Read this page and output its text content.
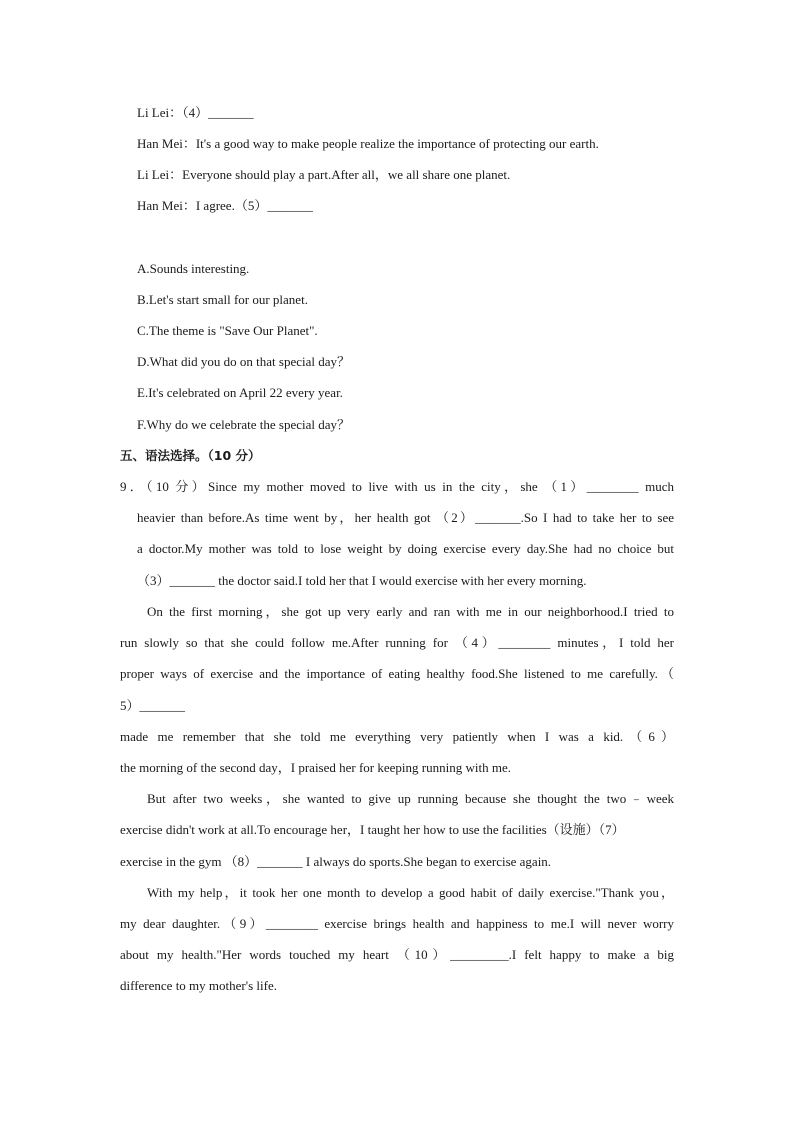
Li Lei：（4）_______
Han Mei：It's a good way to make people realize the importance of protecting our earth.
Li Lei：Everyone should play a part.After all，we all share one planet.
Han Mei：I agree.（5）_______
A.Sounds interesting.
B.Let's start small for our planet.
C.The theme is "Save Our Planet".
D.What did you do on that special day？
E.It's celebrated on April 22 every year.
F.Why do we celebrate the special day？
五、语法选择。（10 分）
9．（10 分）Since my mother moved to live with us in the city，she （1）________ much
heavier than before.As time went by，her health got （2）_______.So I had to take her to see
a doctor.My mother was told to lose weight by doing exercise every day.She had no choice but
（3）_______ the doctor said.I told her that I would exercise with her every morning.
On the first morning，she got up very early and ran with me in our neighborhood.I tried to
run slowly so that she could follow me.After running for （4）________ minutes，I told her
proper ways of exercise and the importance of eating healthy food.She listened to me carefully.（
5）_______
made me remember that she told me everything very patiently when I was a kid.（6）
the morning of the second day，I praised her for keeping running with me.
But after two weeks，she wanted to give up running because she thought the two﹣week
exercise didn't work at all.To encourage her，I taught her how to use the facilities（设施）（7）
exercise in the gym （8）_______ I always do sports.She began to exercise again.
With my help，it took her one month to develop a good habit of daily exercise."Thank you，
my dear daughter.（9）________ exercise brings health and happiness to me.I will never worry
about my health."Her words touched my heart （10）_________.I felt happy to make a big
difference to my mother's life.
